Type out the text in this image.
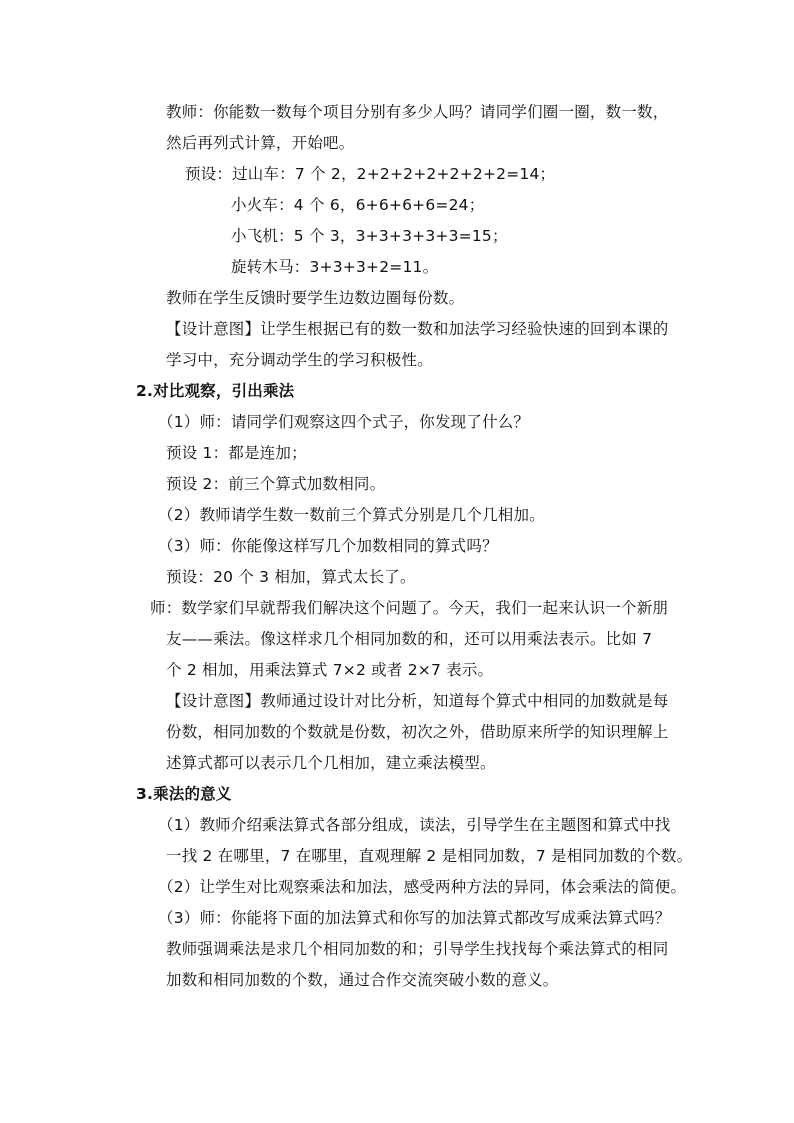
教师：你能数一数每个项目分别有多少人吗？请同学们圈一圈，数一数，
然后再列式计算，开始吧。
预设：过山车：7 个 2，2+2+2+2+2+2+2=14；
小火车：4 个 6，6+6+6+6=24；
小飞机：5 个 3，3+3+3+3+3=15；
旋转木马：3+3+3+2=11。
教师在学生反馈时要学生边数边圈每份数。
【设计意图】让学生根据已有的数一数和加法学习经验快速的回到本课的
学习中，充分调动学生的学习积极性。
2.对比观察，引出乘法
（1）师：请同学们观察这四个式子，你发现了什么？
预设 1：都是连加；
预设 2：前三个算式加数相同。
（2）教师请学生数一数前三个算式分别是几个几相加。
（3）师：你能像这样写几个加数相同的算式吗？
预设：20 个 3 相加，算式太长了。
师：数学家们早就帮我们解决这个问题了。今天，我们一起来认识一个新朋
友——乘法。像这样求几个相同加数的和，还可以用乘法表示。比如 7
个 2 相加，用乘法算式 7×2 或者 2×7 表示。
【设计意图】教师通过设计对比分析，知道每个算式中相同的加数就是每
份数，相同加数的个数就是份数，初次之外，借助原来所学的知识理解上
述算式都可以表示几个几相加，建立乘法模型。
3.乘法的意义
（1）教师介绍乘法算式各部分组成，读法，引导学生在主题图和算式中找
一找 2 在哪里，7 在哪里，直观理解 2 是相同加数，7 是相同加数的个数。
（2）让学生对比观察乘法和加法，感受两种方法的异同，体会乘法的简便。
（3）师：你能将下面的加法算式和你写的加法算式都改写成乘法算式吗？
教师强调乘法是求几个相同加数的和；引导学生找找每个乘法算式的相同
加数和相同加数的个数，通过合作交流突破小数的意义。
